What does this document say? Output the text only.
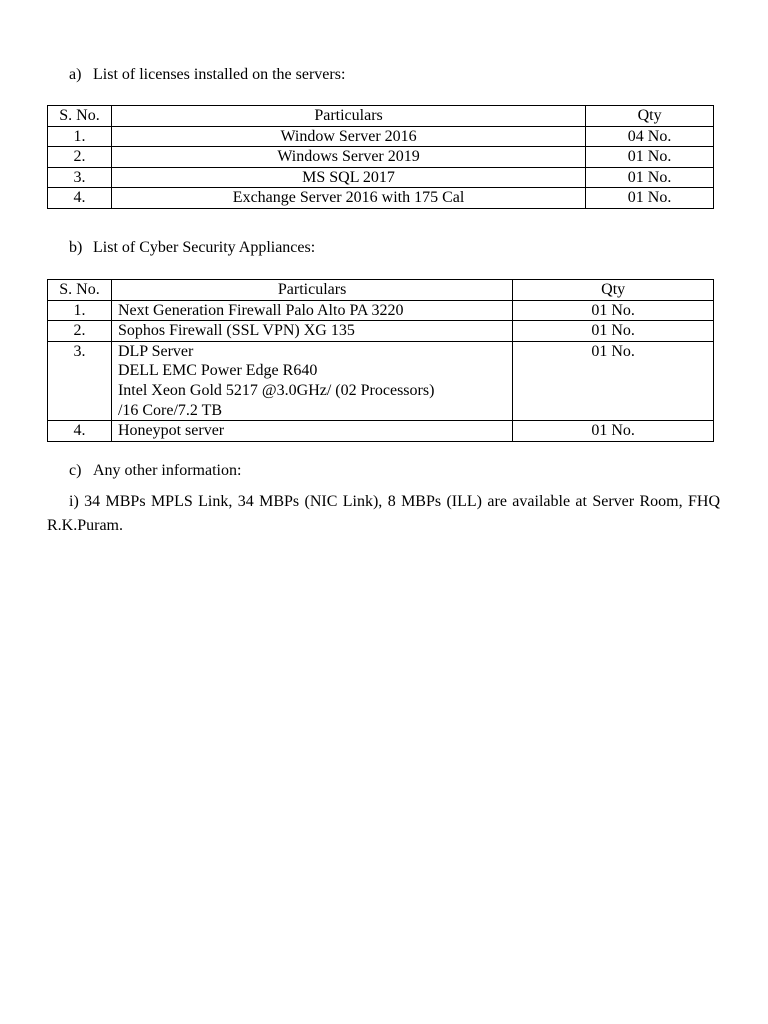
a) List of licenses installed on the servers:
S. No.	Particulars	Qty
1.	Window Server 2016	04 No.
2.	Windows Server 2019	01 No.
3.	MS SQL 2017	01 No.
4.	Exchange Server 2016 with 175 Cal	01 No.
b) List of Cyber Security Appliances:
S. No.	Particulars	Qty
1.	Next Generation Firewall Palo Alto PA 3220	01 No.
2.	Sophos Firewall (SSL VPN) XG 135	01 No.
3.	DLP Server
DELL EMC Power Edge R640
Intel Xeon Gold 5217 @3.0GHz/ (02 Processors)
/16 Core/7.2 TB	01 No.
4.	Honeypot server	01 No.
c) Any other information:

i) 34 MBPs MPLS Link, 34 MBPs (NIC Link), 8 MBPs (ILL) are available at Server Room, FHQ R.K.Puram.
